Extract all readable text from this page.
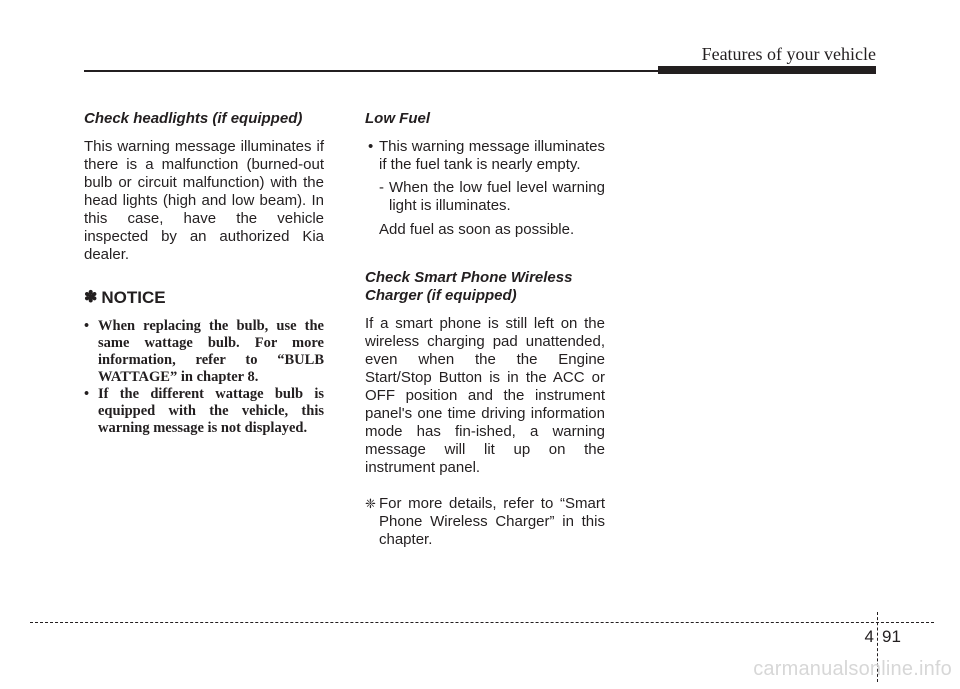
Features of your vehicle

Check headlights (if equipped)

This warning message illuminates if there is a malfunction (burned-out bulb or circuit malfunction) with the head lights (high and low beam). In this case, have the vehicle inspected by an authorized Kia dealer.

✽ NOTICE
• When replacing the bulb, use the same wattage bulb. For more information, refer to “BULB WATTAGE” in chapter 8.
• If the different wattage bulb is equipped with the vehicle, this warning message is not displayed.

Low Fuel

• This warning message illuminates if the fuel tank is nearly empty.

- When the low fuel level warning light is illuminates.

Add fuel as soon as possible.

Check Smart Phone Wireless Charger (if equipped)

If a smart phone is still left on the wireless charging pad unattended, even when the the Engine Start/Stop Button is in the ACC or OFF position and the instrument panel's one time driving information mode has fin-ished, a warning message will lit up on the instrument panel.

❈ For more details, refer to “Smart Phone Wireless Charger” in this chapter.

4 91
carmanualsonline.info
